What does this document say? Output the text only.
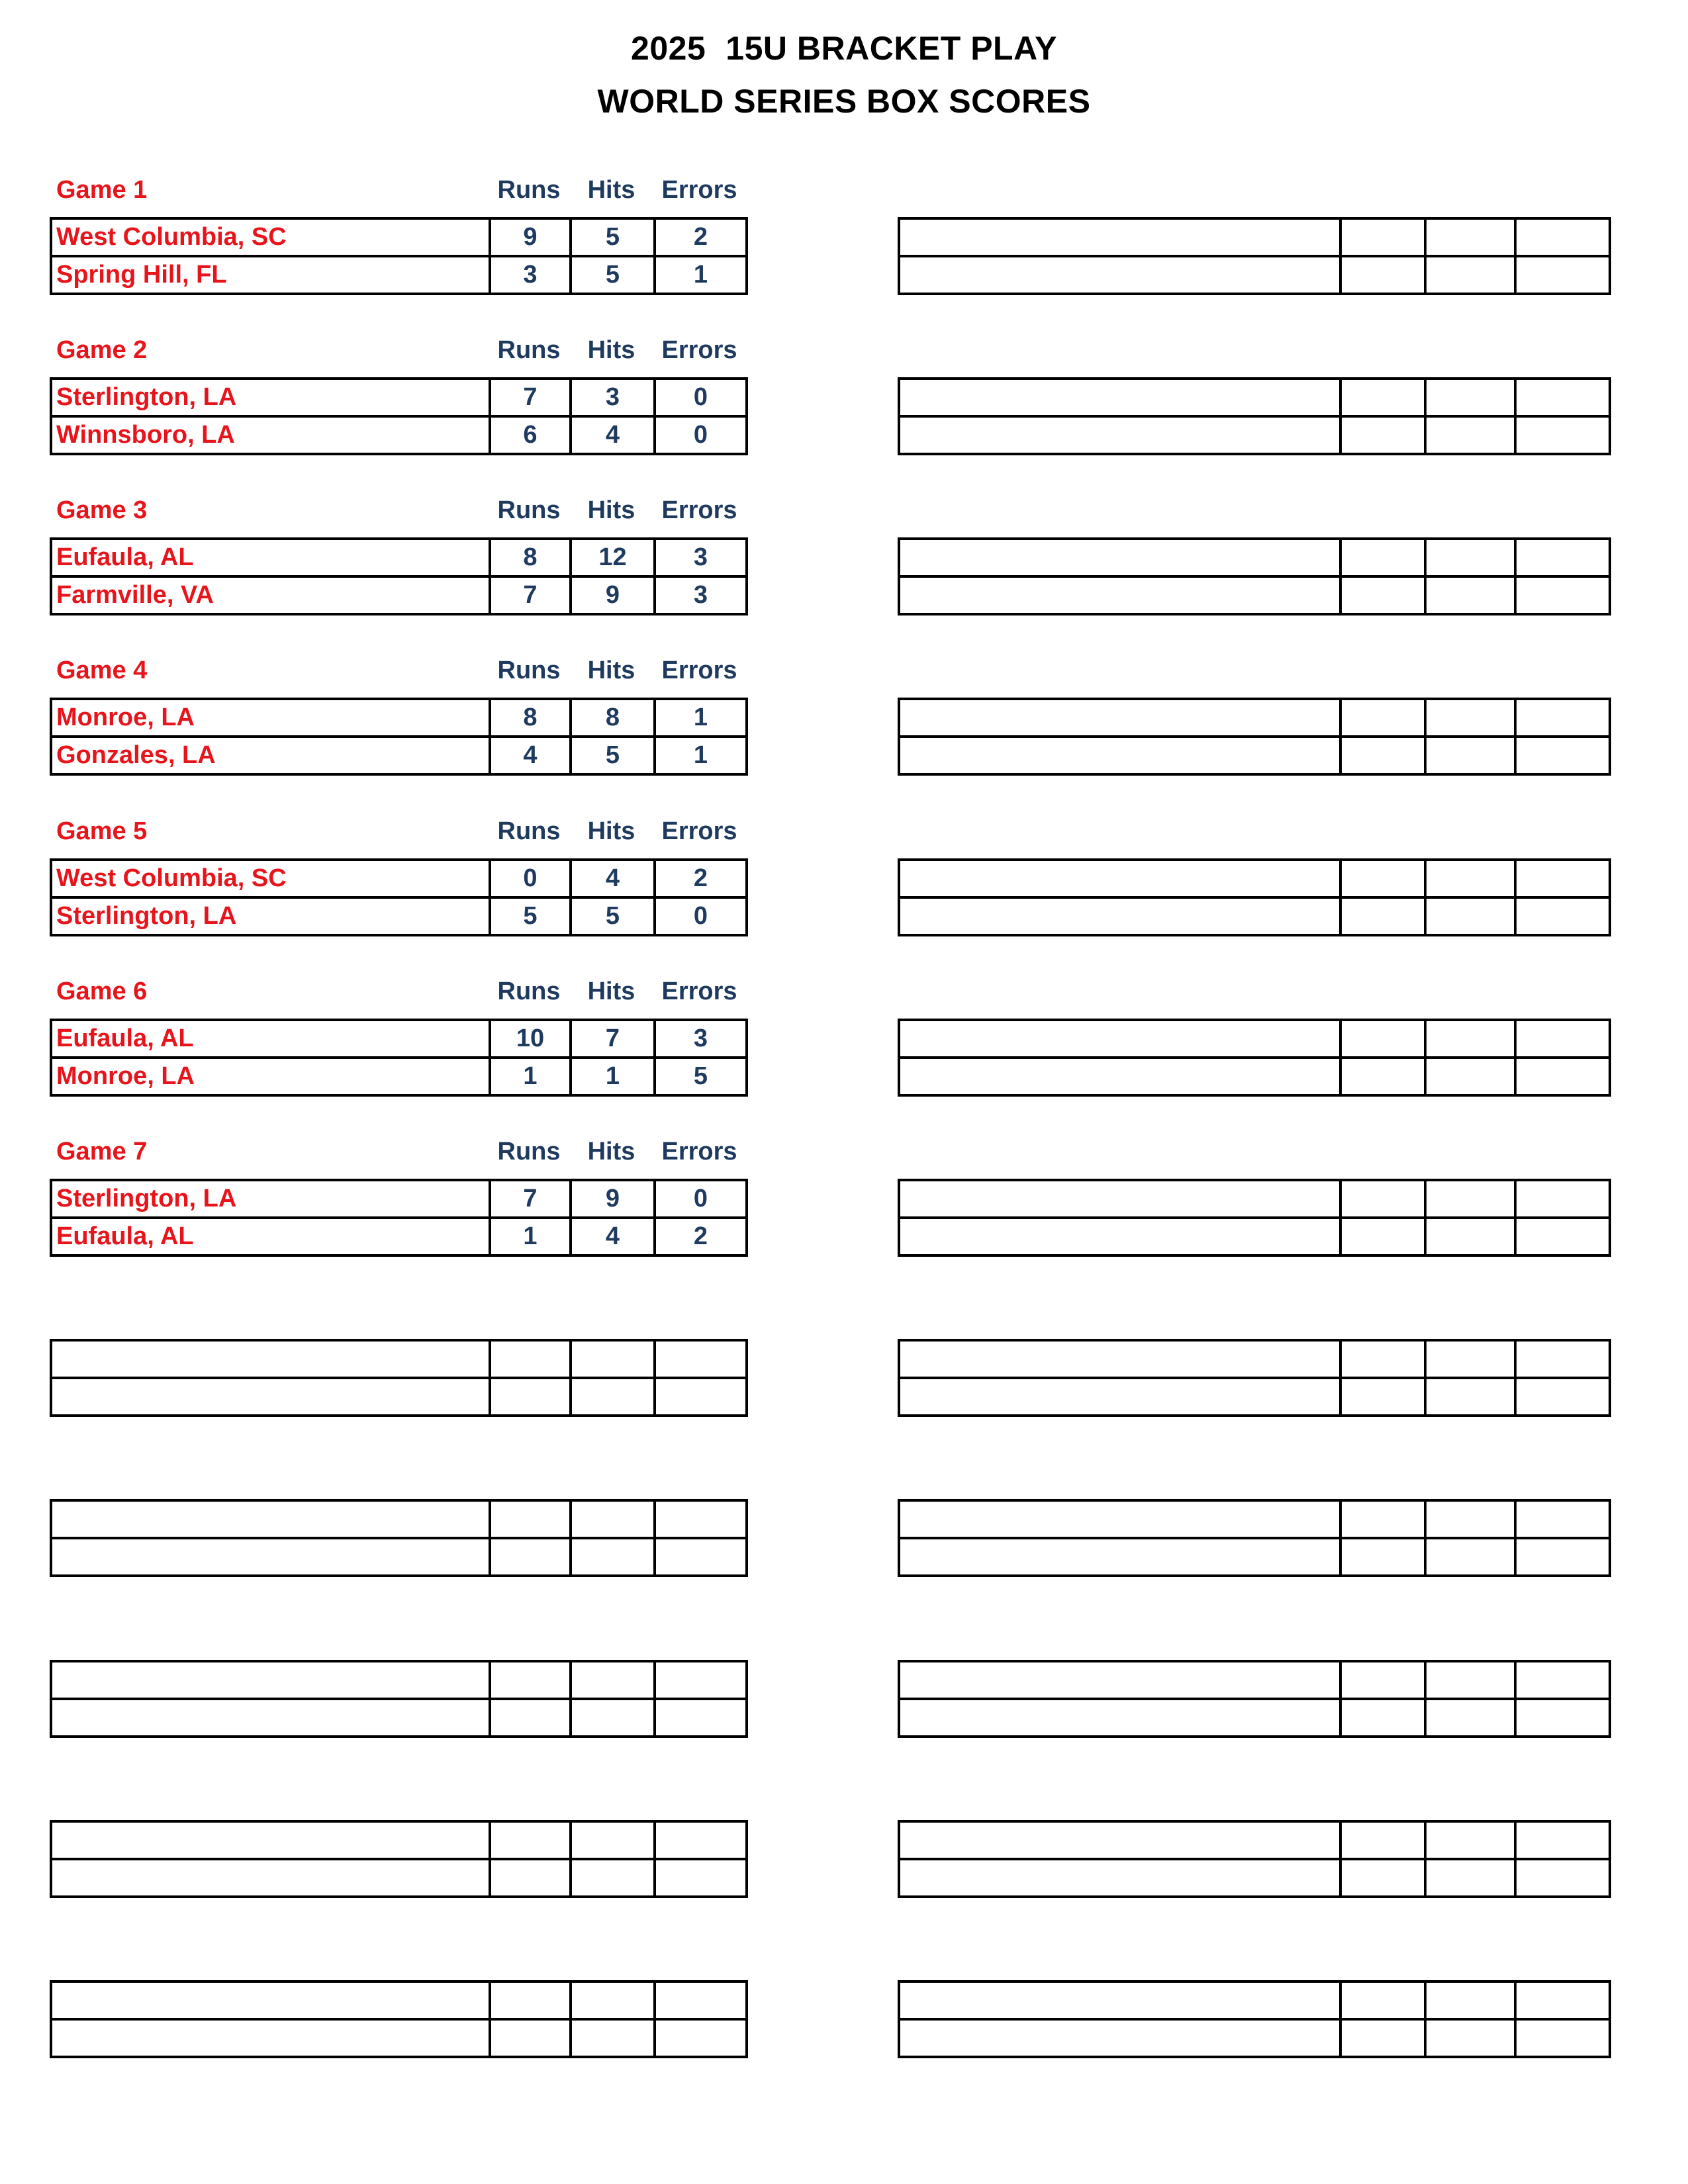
2025 15U BRACKET PLAY
WORLD SERIES BOX SCORES
Game 1	Runs	Hits	Errors
West Columbia, SC	9	5	2
Spring Hill, FL	3	5	1

Game 2	Runs	Hits	Errors
Sterlington, LA	7	3	0
Winnsboro, LA	6	4	0

Game 3	Runs	Hits	Errors
Eufaula, AL	8	12	3
Farmville, VA	7	9	3

Game 4	Runs	Hits	Errors
Monroe, LA	8	8	1
Gonzales, LA	4	5	1

Game 5	Runs	Hits	Errors
West Columbia, SC	0	4	2
Sterlington, LA	5	5	0

Game 6	Runs	Hits	Errors
Eufaula, AL	10	7	3
Monroe, LA	1	1	5

Game 7	Runs	Hits	Errors
Sterlington, LA	7	9	0
Eufaula, AL	1	4	2
